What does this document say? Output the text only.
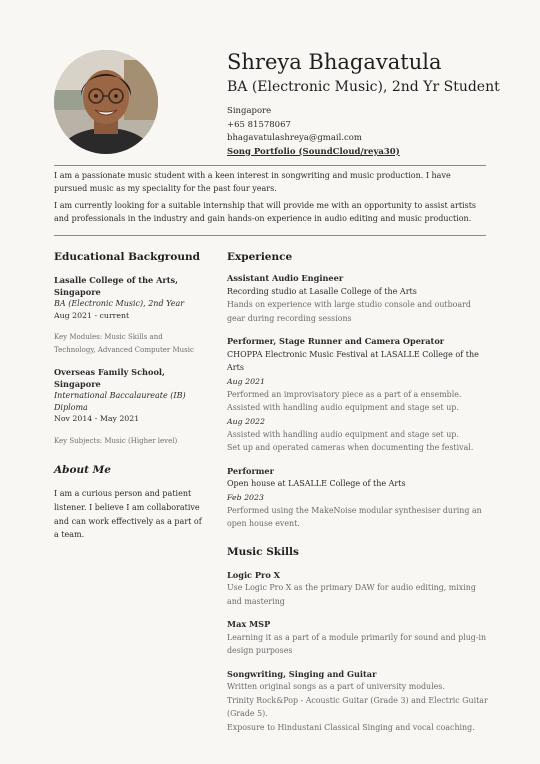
Shreya Bhagavatula
BA (Electronic Music), 2nd Yr Student
Singapore
+65 81578067
bhagavatulashreya@gmail.com
Song Portfolio (SoundCloud/reya30)

I am a passionate music student with a keen interest in songwriting and music production. I have pursued music as my speciality for the past four years.

I am currently looking for a suitable internship that will provide me with an opportunity to assist artists and professionals in the industry and gain hands-on experience in audio editing and music production.

Educational Background
Lasalle College of the Arts, Singapore
BA (Electronic Music), 2nd Year
Aug 2021 - current
Key Modules: Music Skills and Technology, Advanced Computer Music
Overseas Family School, Singapore
International Baccalaureate (IB) Diploma
Nov 2014 - May 2021
Key Subjects: Music (Higher level)
About Me
I am a curious person and patient listener. I believe I am collaborative and can work effectively as a part of a team.
Experience
Assistant Audio Engineer
Recording studio at Lasalle College of the Arts
Hands on experience with large studio console and outboard gear during recording sessions
Performer, Stage Runner and Camera Operator
CHOPPA Electronic Music Festival at LASALLE College of the Arts
Aug 2021
Performed an improvisatory piece as a part of a ensemble.
Assisted with handling audio equipment and stage set up.
Aug 2022
Assisted with handling audio equipment and stage set up.
Set up and operated cameras when documenting the festival.
Performer
Open house at LASALLE College of the Arts
Feb 2023
Performed using the MakeNoise modular synthesiser during an open house event.
Music Skills
Logic Pro X
Use Logic Pro X as the primary DAW for audio editing, mixing and mastering
Max MSP
Learning it as a part of a module primarily for sound and plug-in design purposes
Songwriting, Singing and Guitar
Written original songs as a part of university modules.
Trinity Rock&Pop - Acoustic Guitar (Grade 3) and Electric Guitar (Grade 5).
Exposure to Hindustani Classical Singing and vocal coaching.
